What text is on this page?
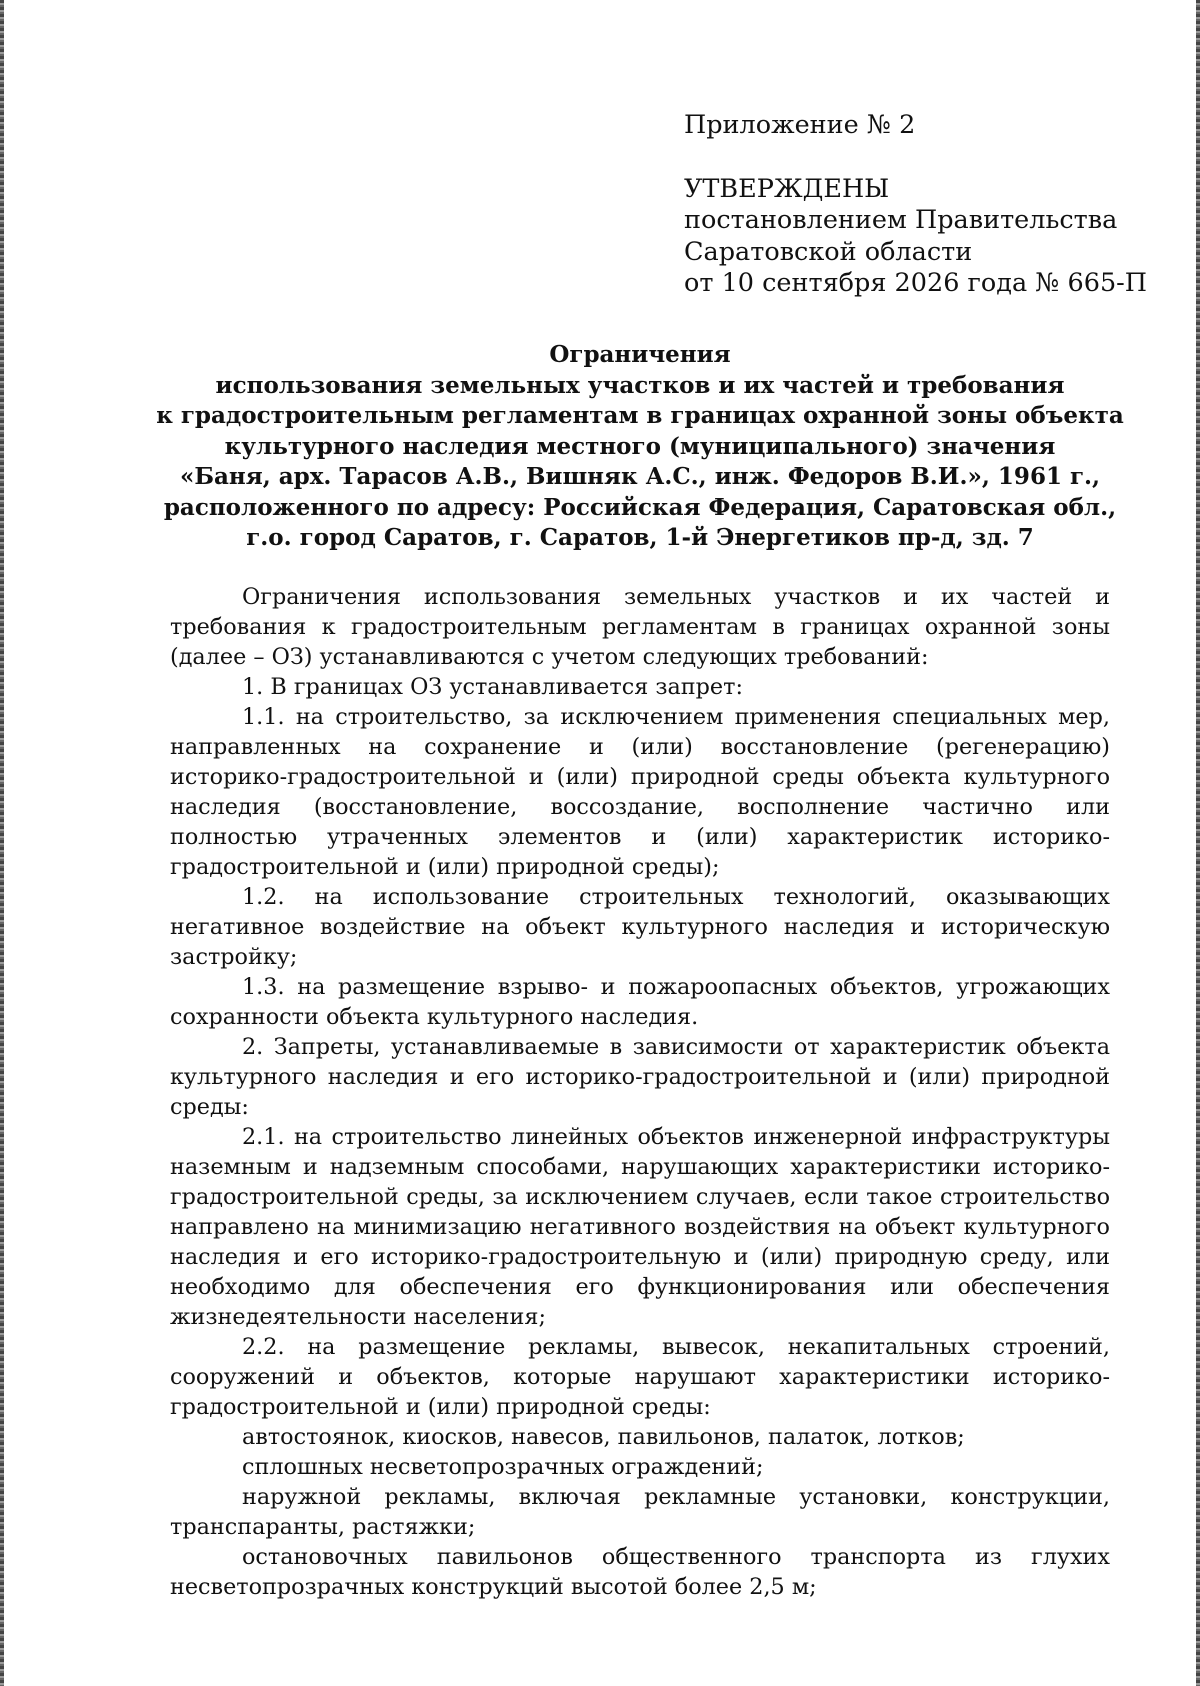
Приложение № 2
УТВЕРЖДЕНЫ
постановлением Правительства
Саратовской области
от 10 сентября 2026 года № 665-П
Ограничения
использования земельных участков и их частей и требования
к градостроительным регламентам в границах охранной зоны объекта
культурного наследия местного (муниципального) значения
«Баня, арх. Тарасов А.В., Вишняк А.С., инж. Федоров В.И.», 1961 г.,
расположенного по адресу: Российская Федерация, Саратовская обл.,
г.о. город Саратов, г. Саратов, 1-й Энергетиков пр-д, зд. 7

Ограничения использования земельных участков и их частей и требования к градостроительным регламентам в границах охранной зоны (далее – ОЗ) устанавливаются с учетом следующих требований:

1. В границах ОЗ устанавливается запрет:

1.1. на строительство, за исключением применения специальных мер, направленных на сохранение и (или) восстановление (регенерацию) историко-градостроительной и (или) природной среды объекта культурного наследия (восстановление, воссоздание, восполнение частично или полностью утраченных элементов и (или) характеристик историко-градостроительной и (или) природной среды);

1.2. на использование строительных технологий, оказывающих негативное воздействие на объект культурного наследия и историческую застройку;

1.3. на размещение взрыво- и пожароопасных объектов, угрожающих сохранности объекта культурного наследия.

2. Запреты, устанавливаемые в зависимости от характеристик объекта культурного наследия и его историко-градостроительной и (или) природной среды:

2.1. на строительство линейных объектов инженерной инфраструктуры наземным и надземным способами, нарушающих характеристики историко-градостроительной среды, за исключением случаев, если такое строительство направлено на минимизацию негативного воздействия на объект культурного наследия и его историко-градостроительную и (или) природную среду, или необходимо для обеспечения его функционирования или обеспечения жизнедеятельности населения;

2.2. на размещение рекламы, вывесок, некапитальных строений, сооружений и объектов, которые нарушают характеристики историко-градостроительной и (или) природной среды:

автостоянок, киосков, навесов, павильонов, палаток, лотков;

сплошных несветопрозрачных ограждений;

наружной рекламы, включая рекламные установки, конструкции, транспаранты, растяжки;

остановочных павильонов общественного транспорта из глухих несветопрозрачных конструкций высотой более 2,5 м;
